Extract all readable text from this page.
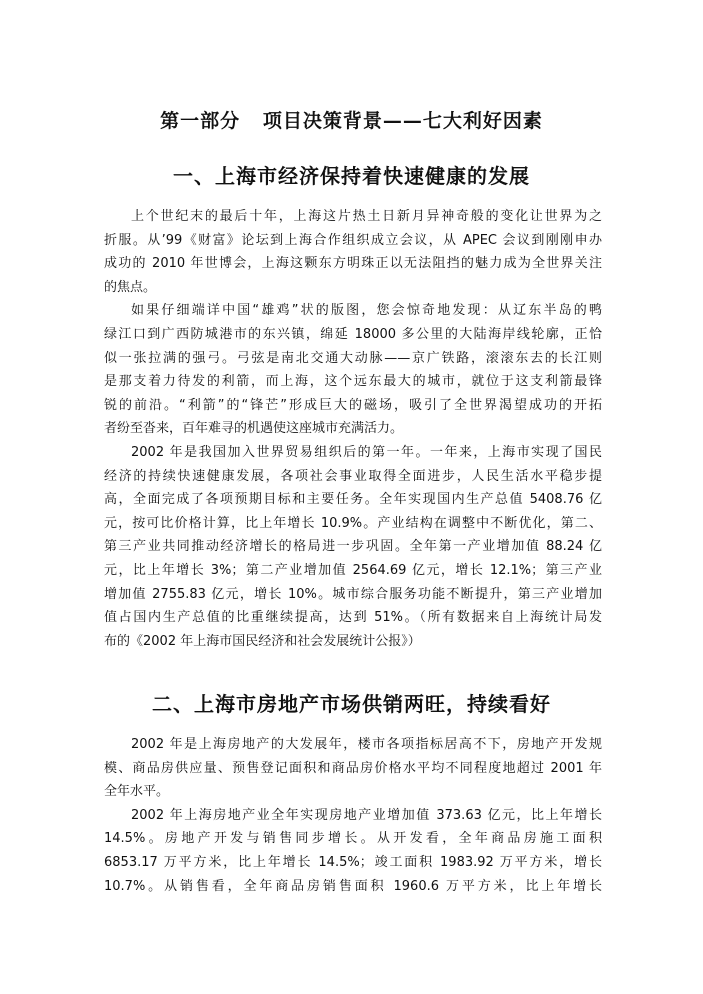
第一部分   项目决策背景——七大利好因素
一、上海市经济保持着快速健康的发展
上个世纪末的最后十年，上海这片热土日新月异神奇般的变化让世界为之
折服。从’99《财富》论坛到上海合作组织成立会议，从 APEC 会议到刚刚申办
成功的 2010 年世博会，上海这颗东方明珠正以无法阻挡的魅力成为全世界关注
的焦点。
如果仔细端详中国“雄鸡”状的版图，您会惊奇地发现：从辽东半岛的鸭
绿江口到广西防城港市的东兴镇，绵延 18000 多公里的大陆海岸线轮廓，正恰
似一张拉满的强弓。弓弦是南北交通大动脉——京广铁路，滚滚东去的长江则
是那支着力待发的利箭，而上海，这个远东最大的城市，就位于这支利箭最锋
锐的前沿。“利箭”的“锋芒”形成巨大的磁场，吸引了全世界渴望成功的开拓
者纷至沓来，百年难寻的机遇使这座城市充满活力。
2002 年是我国加入世界贸易组织后的第一年。一年来，上海市实现了国民
经济的持续快速健康发展，各项社会事业取得全面进步，人民生活水平稳步提
高，全面完成了各项预期目标和主要任务。全年实现国内生产总值 5408.76 亿
元，按可比价格计算，比上年增长 10.9%。产业结构在调整中不断优化，第二、
第三产业共同推动经济增长的格局进一步巩固。全年第一产业增加值 88.24 亿
元，比上年增长 3%；第二产业增加值 2564.69 亿元，增长 12.1%；第三产业
增加值 2755.83 亿元，增长 10%。城市综合服务功能不断提升，第三产业增加
值占国内生产总值的比重继续提高，达到 51%。（所有数据来自上海统计局发
布的《2002 年上海市国民经济和社会发展统计公报》）
二、上海市房地产市场供销两旺，持续看好
2002 年是上海房地产的大发展年，楼市各项指标居高不下，房地产开发规
模、商品房供应量、预售登记面积和商品房价格水平均不同程度地超过 2001 年
全年水平。
2002 年上海房地产业全年实现房地产业增加值 373.63 亿元，比上年增长
14.5%。房地产开发与销售同步增长。从开发看，全年商品房施工面积
6853.17 万平方米，比上年增长 14.5%；竣工面积 1983.92 万平方米，增长
10.7%。从销售看，全年商品房销售面积 1960.6 万平方米，比上年增长
